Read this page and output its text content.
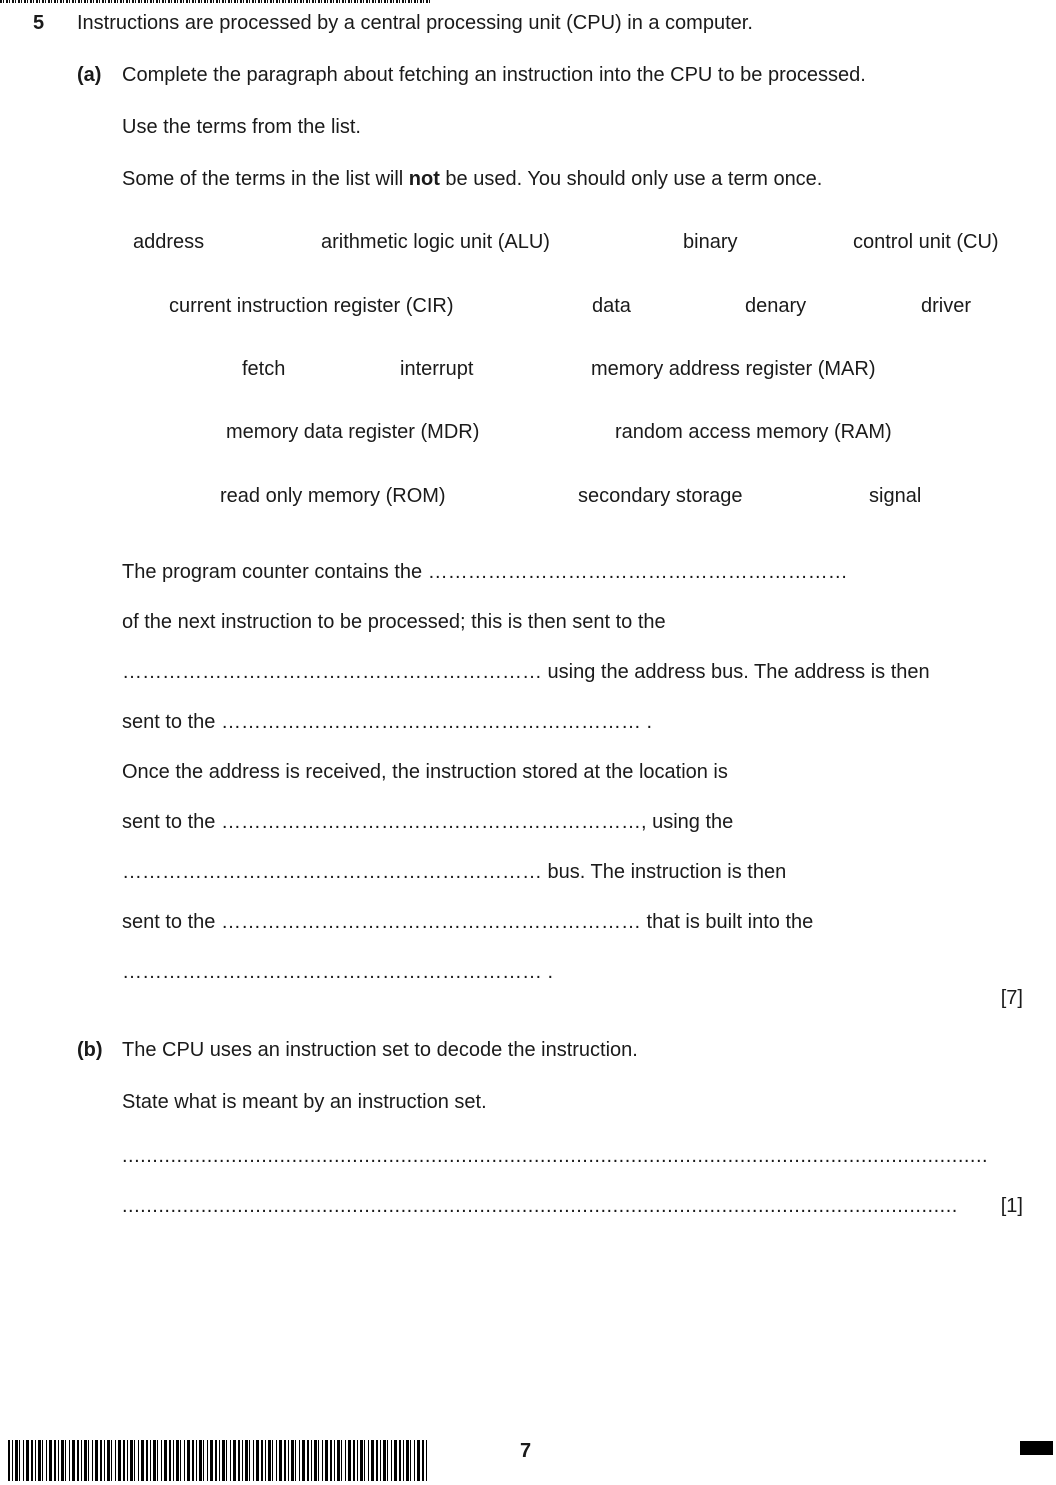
5 Instructions are processed by a central processing unit (CPU) in a computer.
(a) Complete the paragraph about fetching an instruction into the CPU to be processed.
Use the terms from the list.
Some of the terms in the list will not be used. You should only use a term once.
address	arithmetic logic unit (ALU)	binary	control unit (CU)
current instruction register (CIR)	data	denary	driver
fetch	interrupt	memory address register (MAR)
memory data register (MDR)	random access memory (RAM)
read only memory (ROM)	secondary storage	signal
The program counter contains the ………………………………………………………
of the next instruction to be processed; this is then sent to the
……………………………………………………… using the address bus. The address is then
sent to the ……………………………………………………… .
Once the address is received, the instruction stored at the location is
sent to the ………………………………………………………, using the
……………………………………………………… bus. The instruction is then
sent to the ……………………………………………………… that is built into the
……………………………………………………… .
[7]
(b) The CPU uses an instruction set to decode the instruction.
State what is meant by an instruction set.
...............................................................................................................................................
..........................................................................................................................................	[1]
7
